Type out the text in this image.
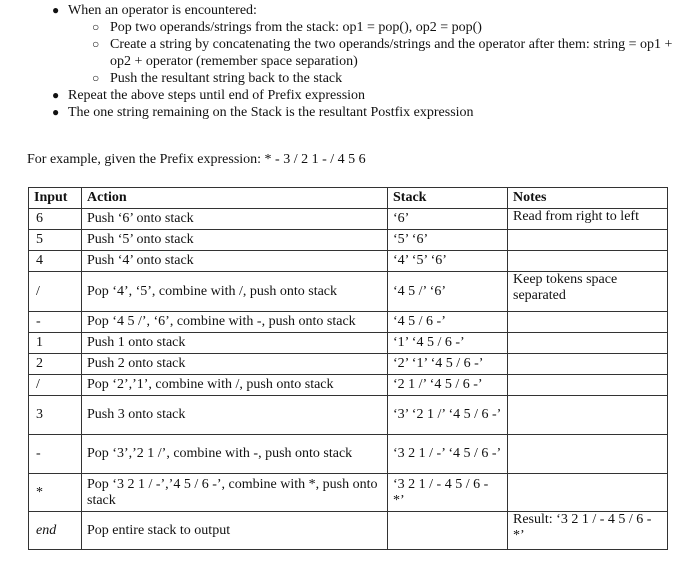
● When an operator is encountered:
○ Pop two operands/strings from the stack: op1 = pop(), op2 = pop()
○ Create a string by concatenating the two operands/strings and the operator after them: string = op1 + op2 + operator (remember space separation)
○ Push the resultant string back to the stack
● Repeat the above steps until end of Prefix expression
● The one string remaining on the Stack is the resultant Postfix expression
For example, given the Prefix expression: * - 3 / 2 1 - / 4 5 6
Input	Action	Stack	Notes
6	Push ‘6’ onto stack	‘6’	Read from right to left
5	Push ‘5’ onto stack	‘5’ ‘6’	
4	Push ‘4’ onto stack	‘4’ ‘5’ ‘6’	
/	Pop ‘4’, ‘5’, combine with /, push onto stack	‘4 5 /’ ‘6’	Keep tokens space separated
-	Pop ‘4 5 /’, ‘6’, combine with -, push onto stack	‘4 5 / 6 -’	
1	Push 1 onto stack	‘1’ ‘4 5 / 6 -’	
2	Push 2 onto stack	‘2’ ‘1’ ‘4 5 / 6 -’	
/	Pop ‘2’,’1’, combine with /, push onto stack	‘2 1 /’ ‘4 5 / 6 -’	
3	Push 3 onto stack	‘3’ ‘2 1 /’ ‘4 5 / 6 -’	
-	Pop ‘3’,’2 1 /’, combine with -, push onto stack	‘3 2 1 / -’ ‘4 5 / 6 -’	
*	Pop ‘3 2 1 / -’,’4 5 / 6 -’, combine with *, push onto stack	‘3 2 1 / - 4 5 / 6 - *’	
end	Pop entire stack to output		Result: ‘3 2 1 / - 4 5 / 6 - *’
